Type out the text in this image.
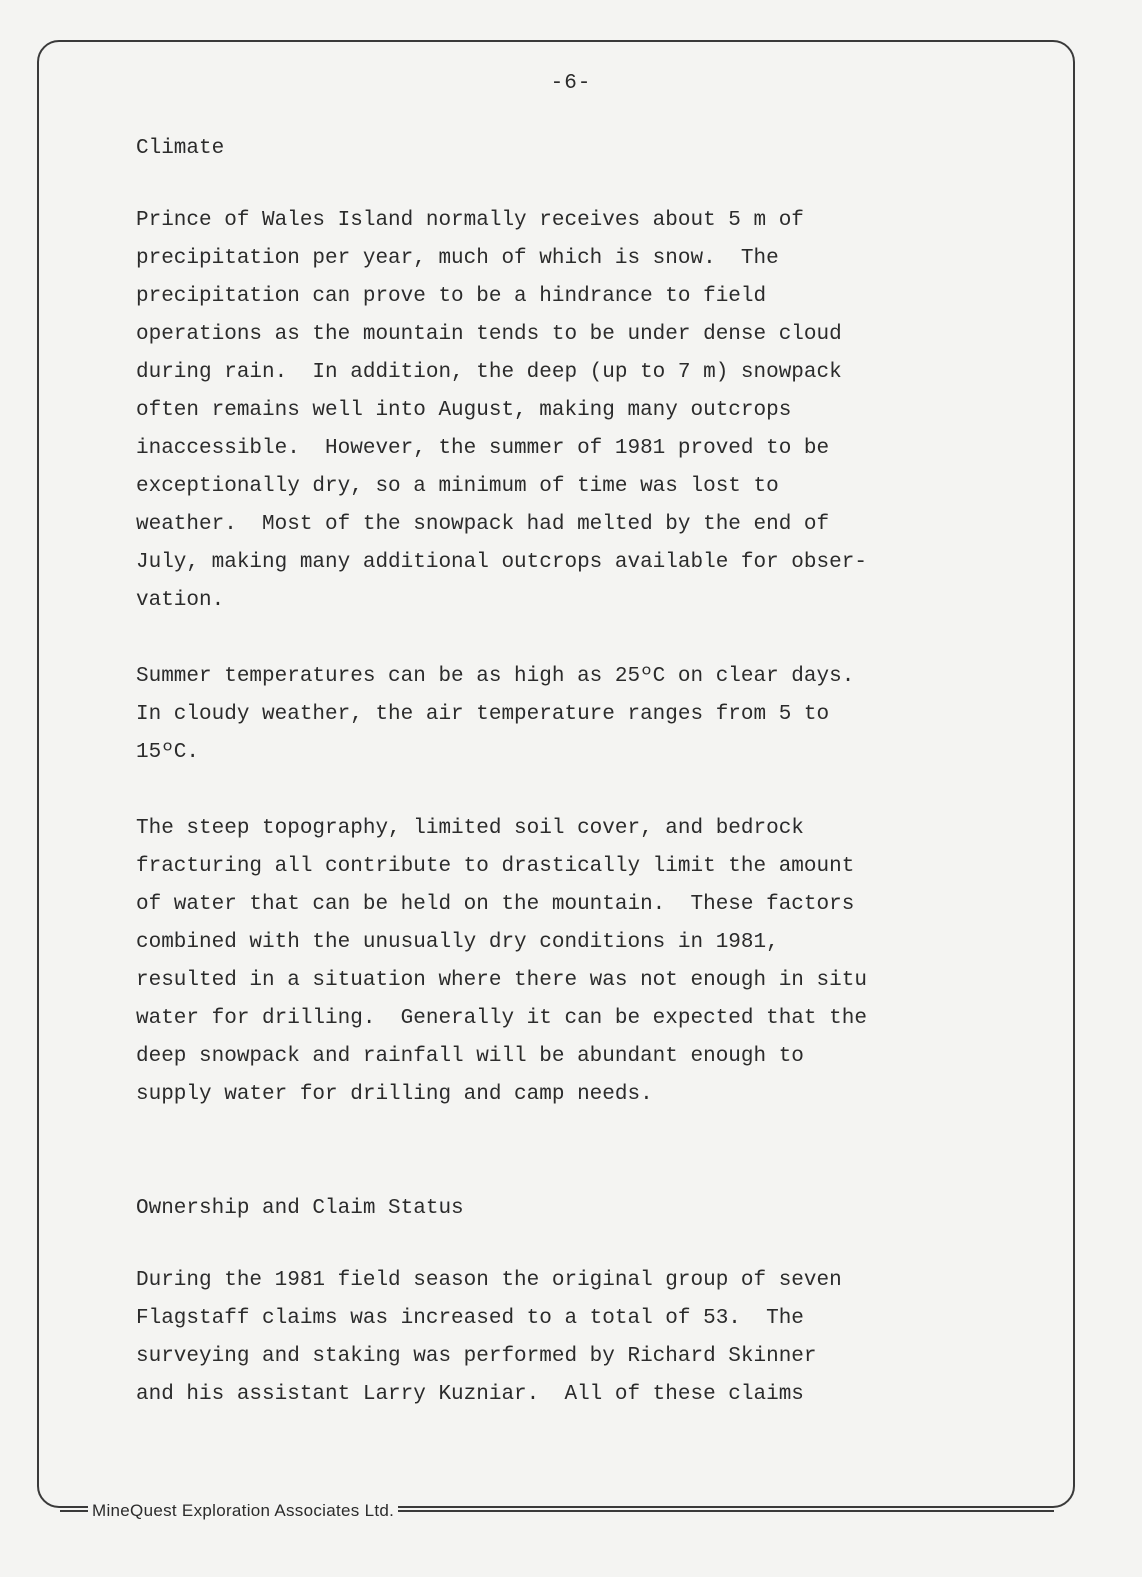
-6-
Climate

Prince of Wales Island normally receives about 5 m of
precipitation per year, much of which is snow.  The
precipitation can prove to be a hindrance to field
operations as the mountain tends to be under dense cloud
during rain.  In addition, the deep (up to 7 m) snowpack
often remains well into August, making many outcrops
inaccessible.  However, the summer of 1981 proved to be
exceptionally dry, so a minimum of time was lost to
weather.  Most of the snowpack had melted by the end of
July, making many additional outcrops available for obser-
vation.

Summer temperatures can be as high as 25ºC on clear days.
In cloudy weather, the air temperature ranges from 5 to
15ºC.

The steep topography, limited soil cover, and bedrock
fracturing all contribute to drastically limit the amount
of water that can be held on the mountain.  These factors
combined with the unusually dry conditions in 1981,
resulted in a situation where there was not enough in situ
water for drilling.  Generally it can be expected that the
deep snowpack and rainfall will be abundant enough to
supply water for drilling and camp needs.

Ownership and Claim Status

During the 1981 field season the original group of seven
Flagstaff claims was increased to a total of 53.  The
surveying and staking was performed by Richard Skinner
and his assistant Larry Kuzniar.  All of these claims

MineQuest Exploration Associates Ltd.
